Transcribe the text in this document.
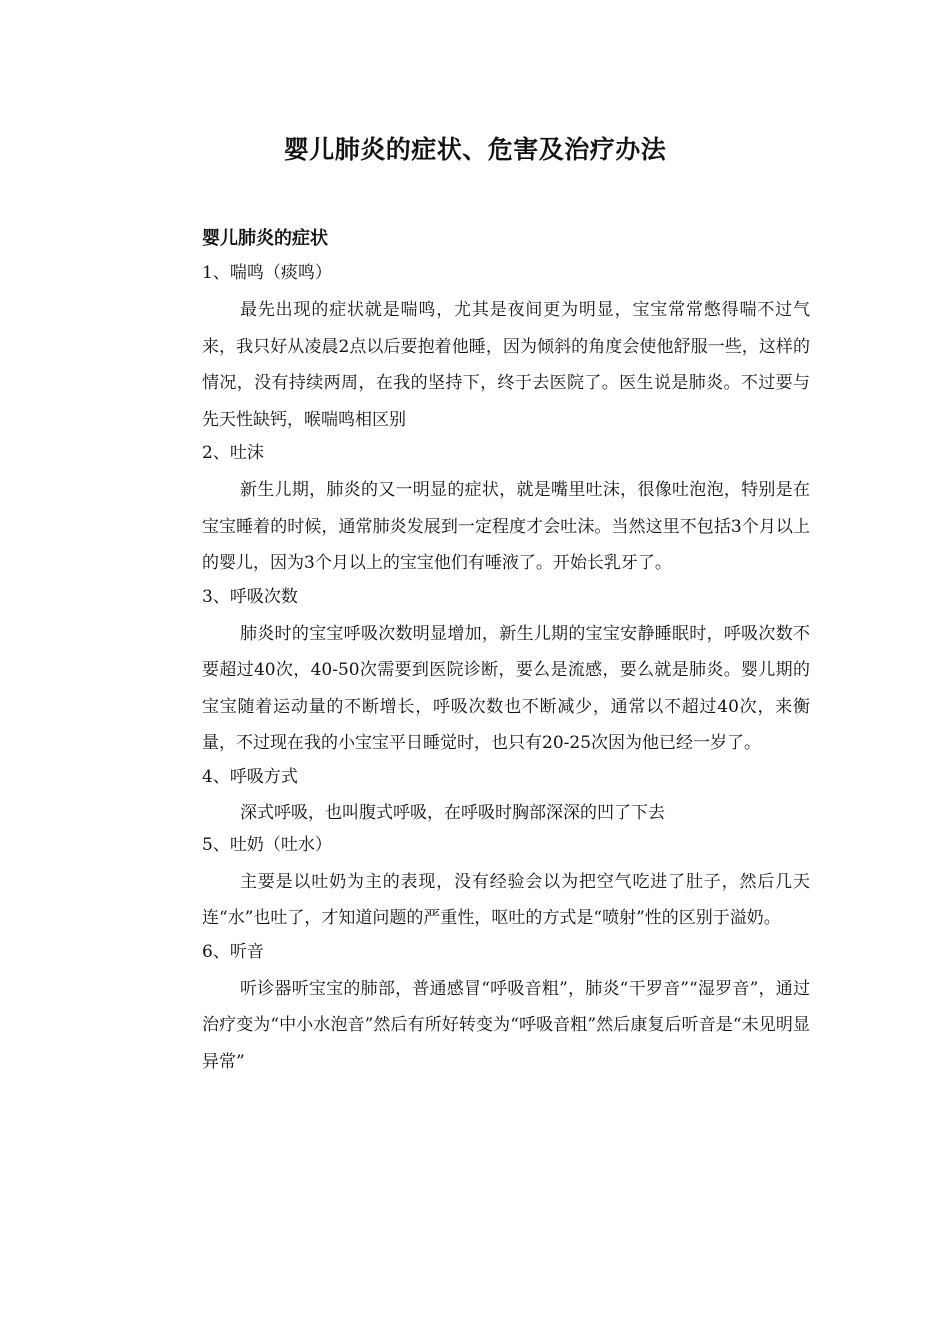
婴儿肺炎的症状、危害及治疗办法
婴儿肺炎的症状
1、喘鸣（痰鸣）
最先出现的症状就是喘鸣，尤其是夜间更为明显，宝宝常常憋得喘不过气来，我只好从凌晨2点以后要抱着他睡，因为倾斜的角度会使他舒服一些，这样的情况，没有持续两周，在我的坚持下，终于去医院了。医生说是肺炎。不过要与先天性缺钙，喉喘鸣相区别
2、吐沫
新生儿期，肺炎的又一明显的症状，就是嘴里吐沫，很像吐泡泡，特别是在宝宝睡着的时候，通常肺炎发展到一定程度才会吐沫。当然这里不包括3个月以上的婴儿，因为3个月以上的宝宝他们有唾液了。开始长乳牙了。
3、呼吸次数
肺炎时的宝宝呼吸次数明显增加，新生儿期的宝宝安静睡眠时，呼吸次数不要超过40次，40-50次需要到医院诊断，要么是流感，要么就是肺炎。婴儿期的宝宝随着运动量的不断增长，呼吸次数也不断减少，通常以不超过40次，来衡量，不过现在我的小宝宝平日睡觉时，也只有20-25次因为他已经一岁了。
4、呼吸方式
深式呼吸，也叫腹式呼吸，在呼吸时胸部深深的凹了下去
5、吐奶（吐水）
主要是以吐奶为主的表现，没有经验会以为把空气吃进了肚子，然后几天连“水”也吐了，才知道问题的严重性，呕吐的方式是“喷射”性的区别于溢奶。
6、听音
听诊器听宝宝的肺部，普通感冒“呼吸音粗”，肺炎“干罗音”“湿罗音”，通过治疗变为“中小水泡音”然后有所好转变为“呼吸音粗”然后康复后听音是“未见明显异常”
